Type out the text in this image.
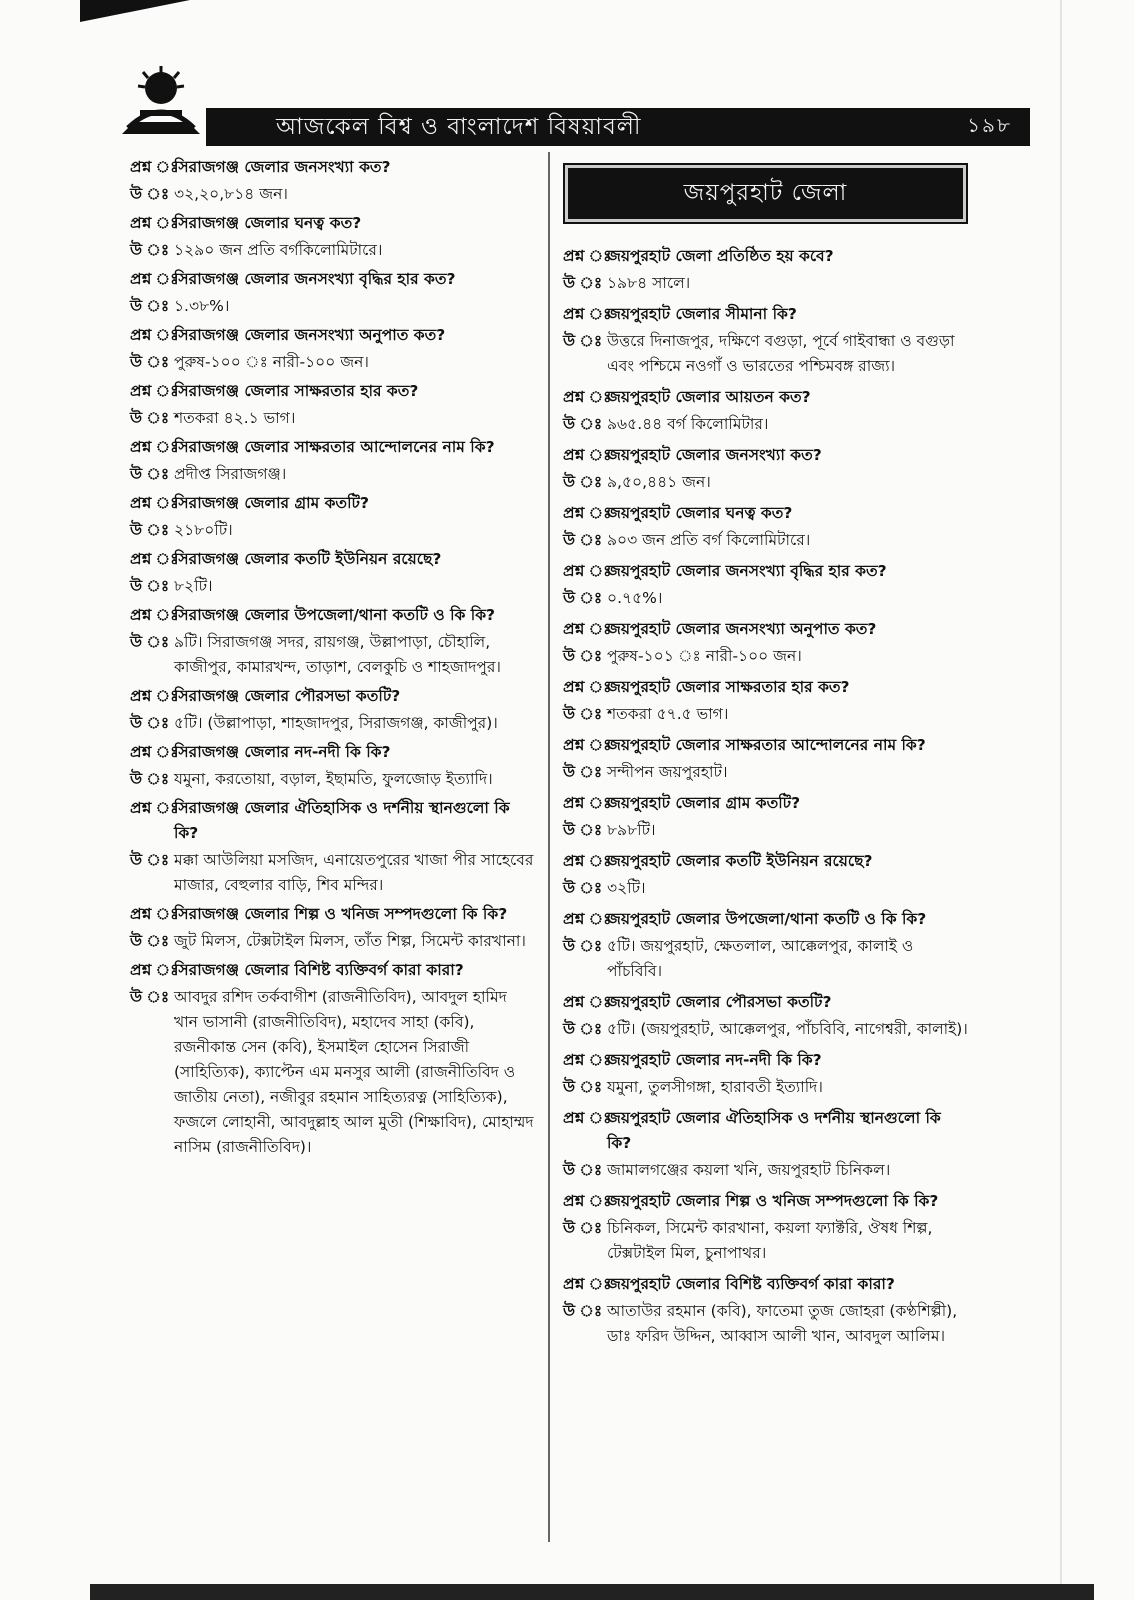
আজকেল বিশ্ব ও বাংলাদেশ বিষয়াবলী	১৯৮
প্রশ্ন ঃ
সিরাজগঞ্জ জেলার জনসংখ্যা কত?
উ ঃ ৩২,২০,৮১৪ জন।
প্রশ্ন ঃ
সিরাজগঞ্জ জেলার ঘনত্ব কত?
উ ঃ ১২৯০ জন প্রতি বর্গকিলোমিটারে।
প্রশ্ন ঃ
সিরাজগঞ্জ জেলার জনসংখ্যা বৃদ্ধির হার কত?
উ ঃ ১.৩৮%।
প্রশ্ন ঃ
সিরাজগঞ্জ জেলার জনসংখ্যা অনুপাত কত?
উ ঃ পুরুষ-১০০ ঃ নারী-১০০ জন।
প্রশ্ন ঃ
সিরাজগঞ্জ জেলার সাক্ষরতার হার কত?
উ ঃ শতকরা ৪২.১ ভাগ।
প্রশ্ন ঃ
সিরাজগঞ্জ জেলার সাক্ষরতার আন্দোলনের নাম কি?
উ ঃ প্রদীপ্ত সিরাজগঞ্জ।
প্রশ্ন ঃ
সিরাজগঞ্জ জেলার গ্রাম কতটি?
উ ঃ ২১৮০টি।
প্রশ্ন ঃ
সিরাজগঞ্জ জেলার কতটি ইউনিয়ন রয়েছে?
উ ঃ ৮২টি।
প্রশ্ন ঃ
সিরাজগঞ্জ জেলার উপজেলা/থানা কতটি ও কি কি?
উ ঃ ৯টি। সিরাজগঞ্জ সদর, রায়গঞ্জ, উল্লাপাড়া, চৌহালি, কাজীপুর, কামারখন্দ, তাড়াশ, বেলকুচি ও শাহজাদপুর।
প্রশ্ন ঃ
সিরাজগঞ্জ জেলার পৌরসভা কতটি?
উ ঃ ৫টি। (উল্লাপাড়া, শাহজাদপুর, সিরাজগঞ্জ, কাজীপুর)।
প্রশ্ন ঃ
সিরাজগঞ্জ জেলার নদ-নদী কি কি?
উ ঃ যমুনা, করতোয়া, বড়াল, ইছামতি, ফুলজোড় ইত্যাদি।
প্রশ্ন ঃ
সিরাজগঞ্জ জেলার ঐতিহাসিক ও দর্শনীয় স্থানগুলো কি কি?
উ ঃ মক্কা আউলিয়া মসজিদ, এনায়েতপুরের খাজা পীর সাহেবের মাজার, বেহুলার বাড়ি, শিব মন্দির।
প্রশ্ন ঃ
সিরাজগঞ্জ জেলার শিল্প ও খনিজ সম্পদগুলো কি কি?
উ ঃ জুট মিলস, টেক্সটাইল মিলস, তাঁত শিল্প, সিমেন্ট কারখানা।
প্রশ্ন ঃ
সিরাজগঞ্জ জেলার বিশিষ্ট ব্যক্তিবর্গ কারা কারা?
উ ঃ আবদুর রশিদ তর্কবাগীশ (রাজনীতিবিদ), আবদুল হামিদ খান ভাসানী (রাজনীতিবিদ), মহাদেব সাহা (কবি), রজনীকান্ত সেন (কবি), ইসমাইল হোসেন সিরাজী (সাহিত্যিক), ক্যাপ্টেন এম মনসুর আলী (রাজনীতিবিদ ও জাতীয় নেতা), নজীবুর রহমান সাহিত্যরত্ন (সাহিত্যিক), ফজলে লোহানী, আবদুল্লাহ আল মুতী (শিক্ষাবিদ), মোহাম্মদ নাসিম (রাজনীতিবিদ)।
জয়পুরহাট জেলা
প্রশ্ন ঃ
জয়পুরহাট জেলা প্রতিষ্ঠিত হয় কবে?
উ ঃ ১৯৮৪ সালে।
প্রশ্ন ঃ
জয়পুরহাট জেলার সীমানা কি?
উ ঃ উত্তরে দিনাজপুর, দক্ষিণে বগুড়া, পূর্বে গাইবান্ধা ও বগুড়া এবং পশ্চিমে নওগাঁ ও ভারতের পশ্চিমবঙ্গ রাজ্য।
প্রশ্ন ঃ
জয়পুরহাট জেলার আয়তন কত?
উ ঃ ৯৬৫.৪৪ বর্গ কিলোমিটার।
প্রশ্ন ঃ
জয়পুরহাট জেলার জনসংখ্যা কত?
উ ঃ ৯,৫০,৪৪১ জন।
প্রশ্ন ঃ
জয়পুরহাট জেলার ঘনত্ব কত?
উ ঃ ৯০৩ জন প্রতি বর্গ কিলোমিটারে।
প্রশ্ন ঃ
জয়পুরহাট জেলার জনসংখ্যা বৃদ্ধির হার কত?
উ ঃ ০.৭৫%।
প্রশ্ন ঃ
জয়পুরহাট জেলার জনসংখ্যা অনুপাত কত?
উ ঃ পুরুষ-১০১ ঃ নারী-১০০ জন।
প্রশ্ন ঃ
জয়পুরহাট জেলার সাক্ষরতার হার কত?
উ ঃ শতকরা ৫৭.৫ ভাগ।
প্রশ্ন ঃ
জয়পুরহাট জেলার সাক্ষরতার আন্দোলনের নাম কি?
উ ঃ সন্দীপন জয়পুরহাট।
প্রশ্ন ঃ
জয়পুরহাট জেলার গ্রাম কতটি?
উ ঃ ৮৯৮টি।
প্রশ্ন ঃ
জয়পুরহাট জেলার কতটি ইউনিয়ন রয়েছে?
উ ঃ ৩২টি।
প্রশ্ন ঃ
জয়পুরহাট জেলার উপজেলা/থানা কতটি ও কি কি?
উ ঃ ৫টি। জয়পুরহাট, ক্ষেতলাল, আক্কেলপুর, কালাই ও পাঁচবিবি।
প্রশ্ন ঃ
জয়পুরহাট জেলার পৌরসভা কতটি?
উ ঃ ৫টি। (জয়পুরহাট, আক্কেলপুর, পাঁচবিবি, নাগেশ্বরী, কালাই)।
প্রশ্ন ঃ
জয়পুরহাট জেলার নদ-নদী কি কি?
উ ঃ যমুনা, তুলসীগঙ্গা, হারাবতী ইত্যাদি।
প্রশ্ন ঃ
জয়পুরহাট জেলার ঐতিহাসিক ও দর্শনীয় স্থানগুলো কি কি?
উ ঃ জামালগঞ্জের কয়লা খনি, জয়পুরহাট চিনিকল।
প্রশ্ন ঃ
জয়পুরহাট জেলার শিল্প ও খনিজ সম্পদগুলো কি কি?
উ ঃ চিনিকল, সিমেন্ট কারখানা, কয়লা ফ্যাক্টরি, ঔষধ শিল্প, টেক্সটাইল মিল, চুনাপাথর।
প্রশ্ন ঃ
জয়পুরহাট জেলার বিশিষ্ট ব্যক্তিবর্গ কারা কারা?
উ ঃ আতাউর রহমান (কবি), ফাতেমা তুজ জোহরা (কণ্ঠশিল্পী), ডাঃ ফরিদ উদ্দিন, আব্বাস আলী খান, আবদুল আলিম।
